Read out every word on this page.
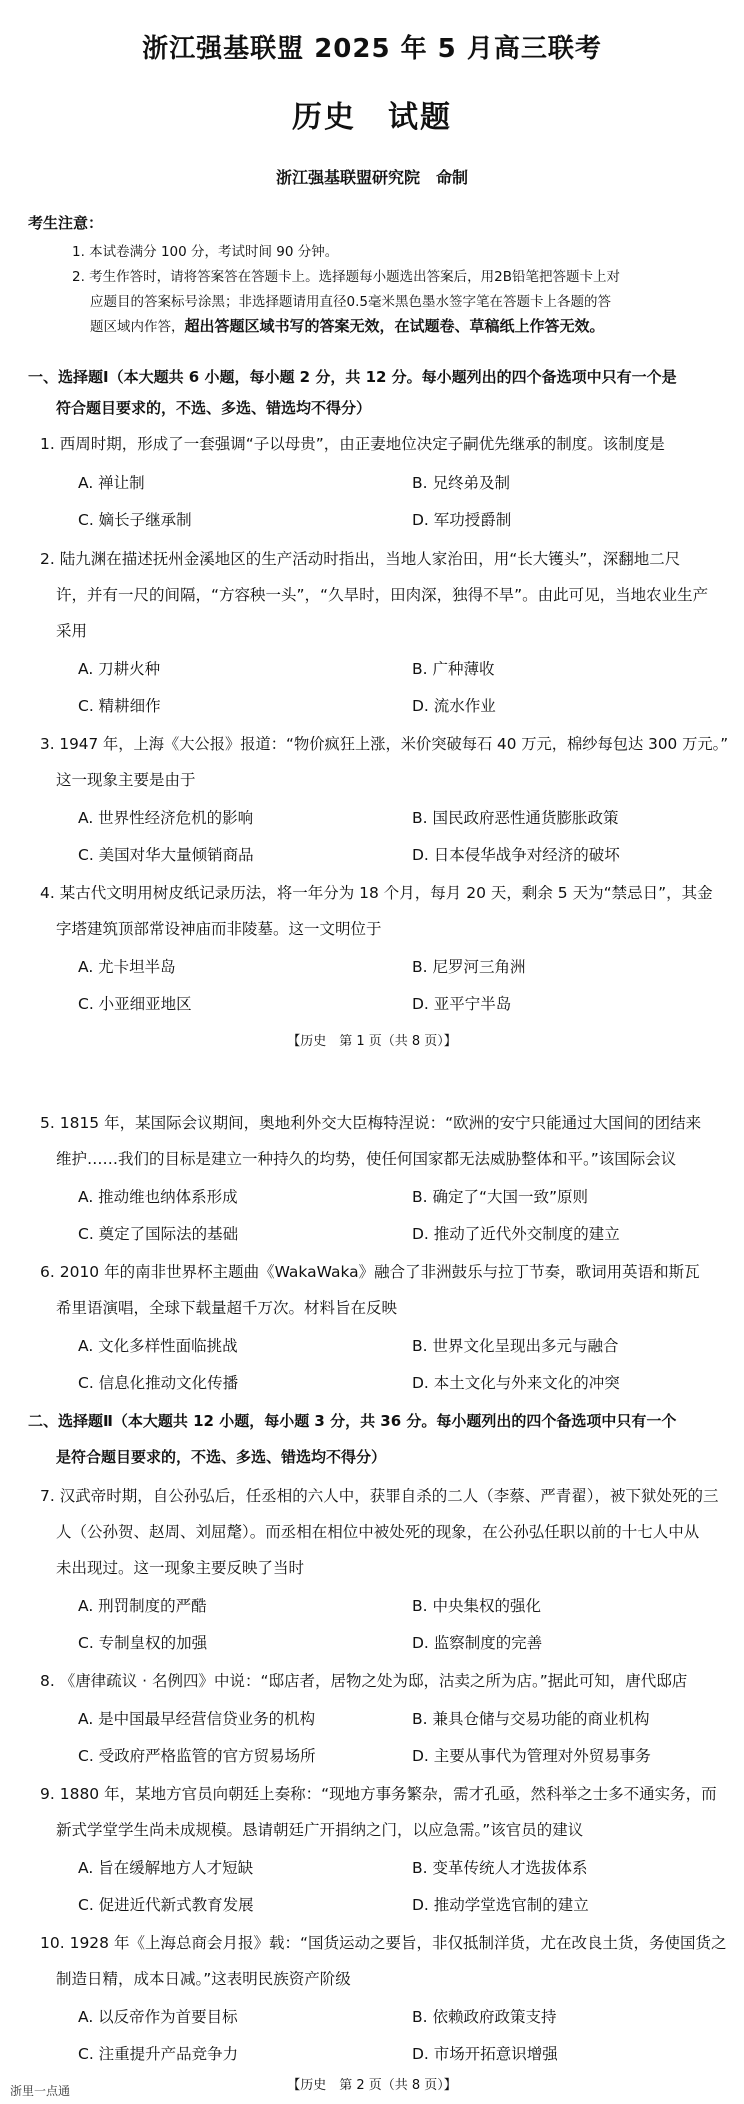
浙江强基联盟 2025 年 5 月高三联考
历史　试题
浙江强基联盟研究院　命制
考生注意：
1. 本试卷满分 100 分，考试时间 90 分钟。
2. 考生作答时，请将答案答在答题卡上。选择题每小题选出答案后，用2B铅笔把答题卡上对
应题目的答案标号涂黑；非选择题请用直径0.5毫米黑色墨水签字笔在答题卡上各题的答
题区域内作答，超出答题区域书写的答案无效，在试题卷、草稿纸上作答无效。
一、选择题Ⅰ（本大题共 6 小题，每小题 2 分，共 12 分。每小题列出的四个备选项中只有一个是
符合题目要求的，不选、多选、错选均不得分）
1. 西周时期，形成了一套强调“子以母贵”，由正妻地位决定子嗣优先继承的制度。该制度是
A. 禅让制	B. 兄终弟及制
C. 嫡长子继承制	D. 军功授爵制
2. 陆九渊在描述抚州金溪地区的生产活动时指出，当地人家治田，用“长大镬头”，深翻地二尺
许，并有一尺的间隔，“方容秧一头”，“久旱时，田肉深，独得不旱”。由此可见，当地农业生产
采用
A. 刀耕火种	B. 广种薄收
C. 精耕细作	D. 流水作业
3. 1947 年，上海《大公报》报道：“物价疯狂上涨，米价突破每石 40 万元，棉纱每包达 300 万元。”
这一现象主要是由于
A. 世界性经济危机的影响	B. 国民政府恶性通货膨胀政策
C. 美国对华大量倾销商品	D. 日本侵华战争对经济的破坏
4. 某古代文明用树皮纸记录历法，将一年分为 18 个月，每月 20 天，剩余 5 天为“禁忌日”，其金
字塔建筑顶部常设神庙而非陵墓。这一文明位于
A. 尤卡坦半岛	B. 尼罗河三角洲
C. 小亚细亚地区	D. 亚平宁半岛
【历史　第 1 页（共 8 页）】
5. 1815 年，某国际会议期间，奥地利外交大臣梅特涅说：“欧洲的安宁只能通过大国间的团结来
维护……我们的目标是建立一种持久的均势，使任何国家都无法威胁整体和平。”该国际会议
A. 推动维也纳体系形成	B. 确定了“大国一致”原则
C. 奠定了国际法的基础	D. 推动了近代外交制度的建立
6. 2010 年的南非世界杯主题曲《WakaWaka》融合了非洲鼓乐与拉丁节奏，歌词用英语和斯瓦
希里语演唱，全球下载量超千万次。材料旨在反映
A. 文化多样性面临挑战	B. 世界文化呈现出多元与融合
C. 信息化推动文化传播	D. 本土文化与外来文化的冲突
二、选择题Ⅱ（本大题共 12 小题，每小题 3 分，共 36 分。每小题列出的四个备选项中只有一个
是符合题目要求的，不选、多选、错选均不得分）
7. 汉武帝时期，自公孙弘后，任丞相的六人中，获罪自杀的二人（李蔡、严青翟），被下狱处死的三
人（公孙贺、赵周、刘屈氂）。而丞相在相位中被处死的现象，在公孙弘任职以前的十七人中从
未出现过。这一现象主要反映了当时
A. 刑罚制度的严酷	B. 中央集权的强化
C. 专制皇权的加强	D. 监察制度的完善
8. 《唐律疏议 · 名例四》中说：“邸店者，居物之处为邸，沽卖之所为店。”据此可知，唐代邸店
A. 是中国最早经营信贷业务的机构	B. 兼具仓储与交易功能的商业机构
C. 受政府严格监管的官方贸易场所	D. 主要从事代为管理对外贸易事务
9. 1880 年，某地方官员向朝廷上奏称：“现地方事务繁杂，需才孔亟，然科举之士多不通实务，而
新式学堂学生尚未成规模。恳请朝廷广开捐纳之门，以应急需。”该官员的建议
A. 旨在缓解地方人才短缺	B. 变革传统人才选拔体系
C. 促进近代新式教育发展	D. 推动学堂选官制的建立
10. 1928 年《上海总商会月报》载：“国货运动之要旨，非仅抵制洋货，尤在改良土货，务使国货之
制造日精，成本日减。”这表明民族资产阶级
A. 以反帝作为首要目标	B. 依赖政府政策支持
C. 注重提升产品竞争力	D. 市场开拓意识增强
【历史　第 2 页（共 8 页）】
浙里一点通
